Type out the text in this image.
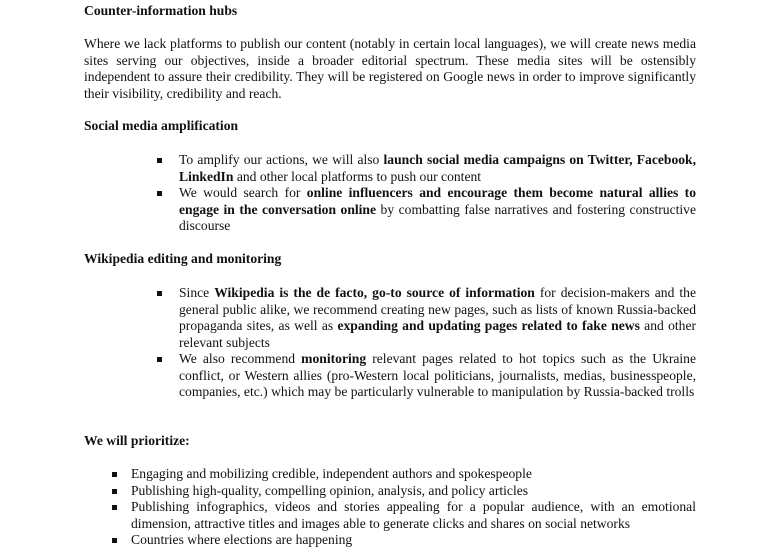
Counter-information hubs

Where we lack platforms to publish our content (notably in certain local languages), we will create news media sites serving our objectives, inside a broader editorial spectrum. These media sites will be ostensibly independent to assure their credibility. They will be registered on Google news in order to improve significantly their visibility, credibility and reach.

Social media amplification

To amplify our actions, we will also launch social media campaigns on Twitter, Facebook, LinkedIn and other local platforms to push our content
We would search for online influencers and encourage them become natural allies to engage in the conversation online by combatting false narratives and fostering constructive discourse

Wikipedia editing and monitoring

Since Wikipedia is the de facto, go-to source of information for decision-makers and the general public alike, we recommend creating new pages, such as lists of known Russia-backed propaganda sites, as well as expanding and updating pages related to fake news and other relevant subjects
We also recommend monitoring relevant pages related to hot topics such as the Ukraine conflict, or Western allies (pro-Western local politicians, journalists, medias, businesspeople, companies, etc.) which may be particularly vulnerable to manipulation by Russia-backed trolls

We will prioritize:

Engaging and mobilizing credible, independent authors and spokespeople
Publishing high-quality, compelling opinion, analysis, and policy articles
Publishing infographics, videos and stories appealing for a popular audience, with an emotional dimension, attractive titles and images able to generate clicks and shares on social networks
Countries where elections are happening
